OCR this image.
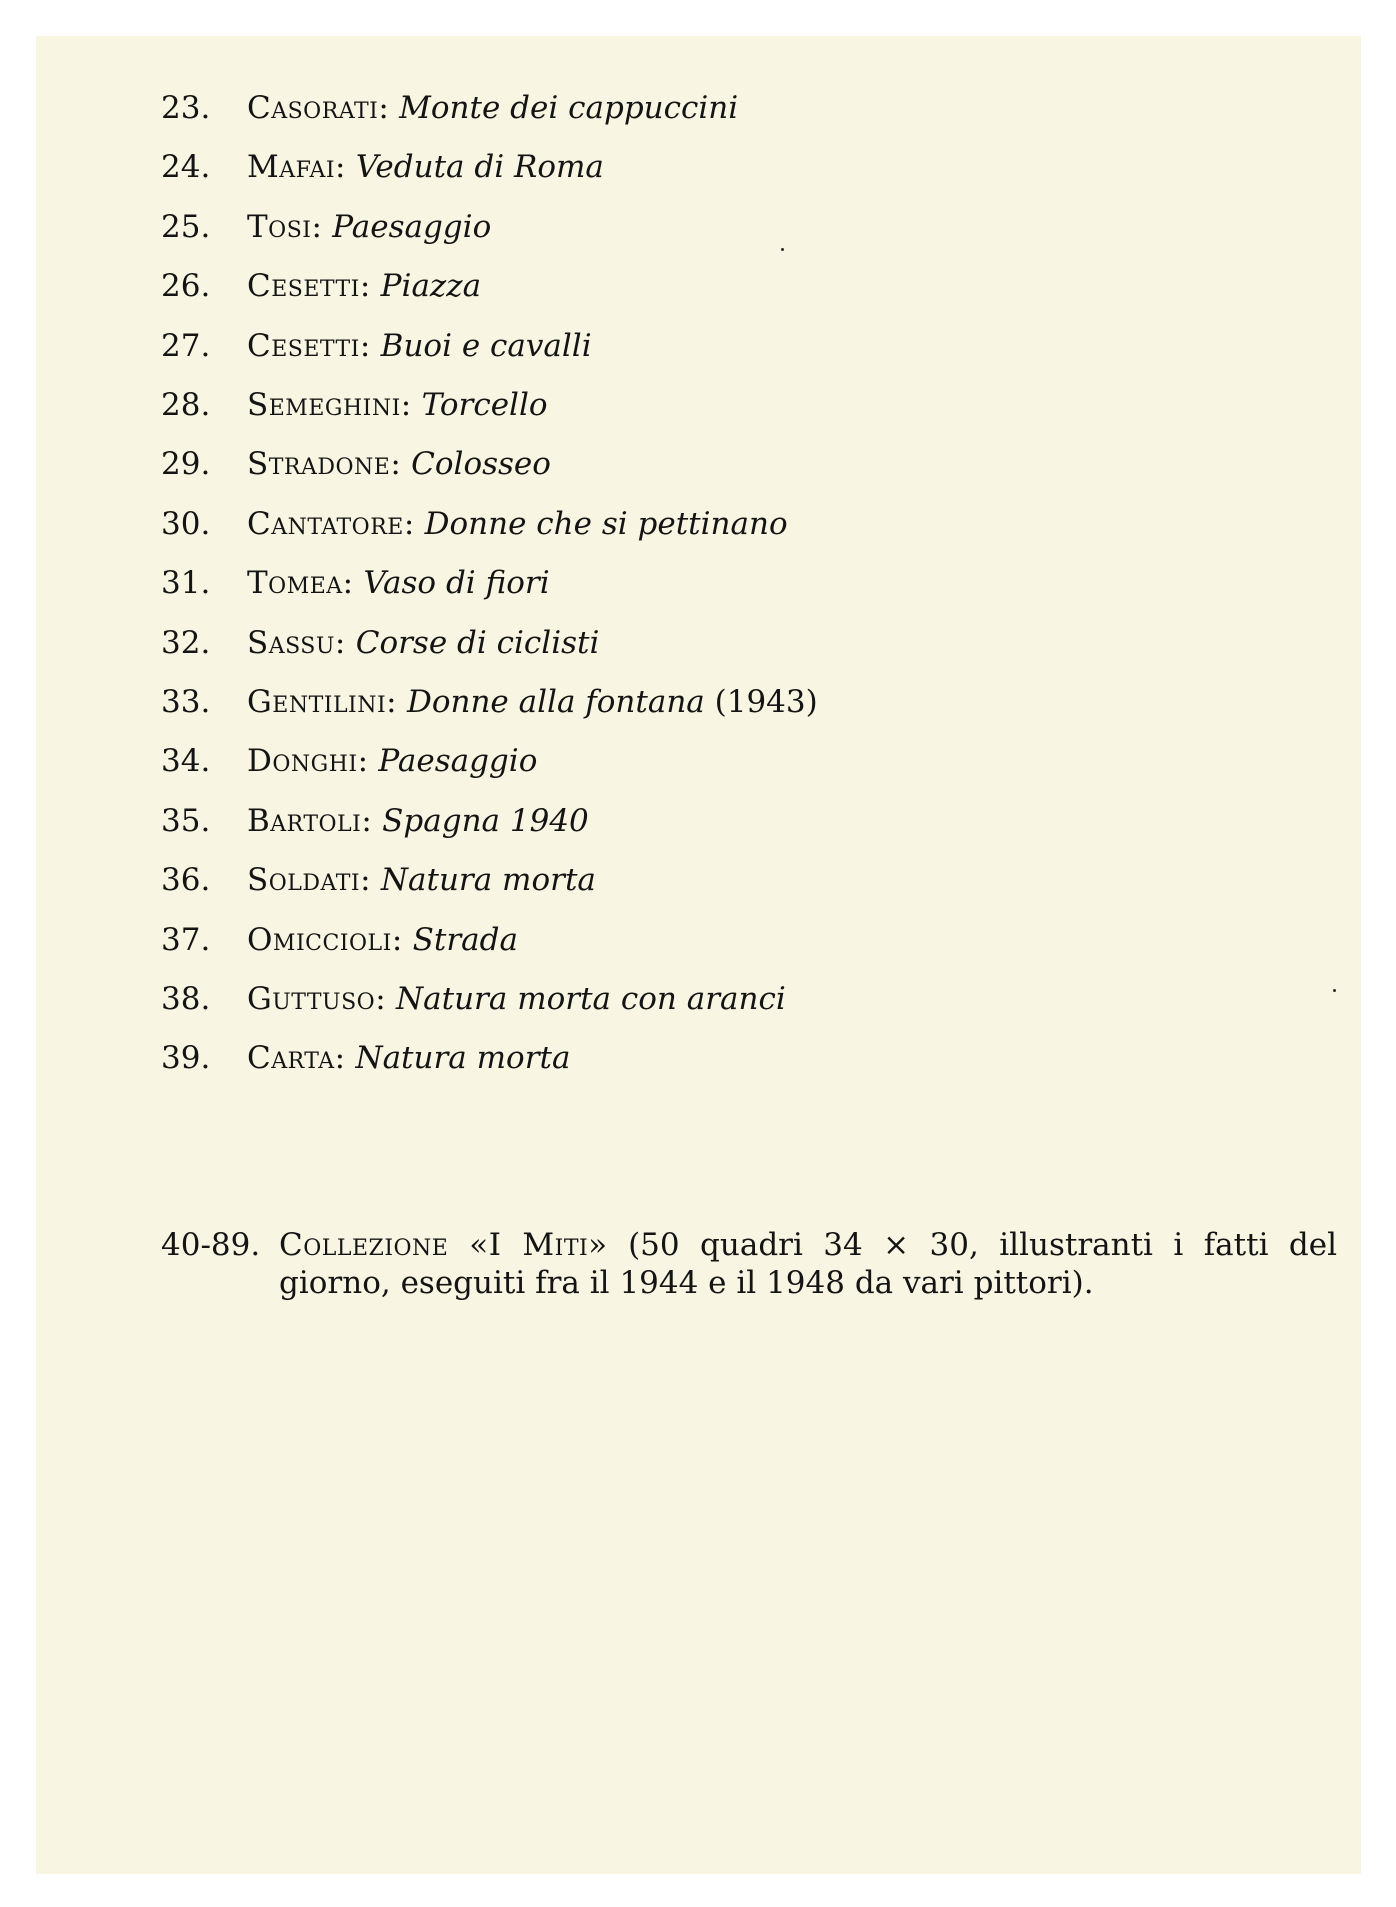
23. Casorati: Monte dei cappuccini
24. Mafai: Veduta di Roma
25. Tosi: Paesaggio
26. Cesetti: Piazza
27. Cesetti: Buoi e cavalli
28. Semeghini: Torcello
29. Stradone: Colosseo
30. Cantatore: Donne che si pettinano
31. Tomea: Vaso di fiori
32. Sassu: Corse di ciclisti
33. Gentilini: Donne alla fontana (1943)
34. Donghi: Paesaggio
35. Bartoli: Spagna 1940
36. Soldati: Natura morta
37. Omiccioli: Strada
38. Guttuso: Natura morta con aranci
39. Carta: Natura morta
40-89. Collezione «I Miti» (50 quadri 34 × 30, illustranti i fatti del giorno, eseguiti fra il 1944 e il 1948 da vari pittori).
